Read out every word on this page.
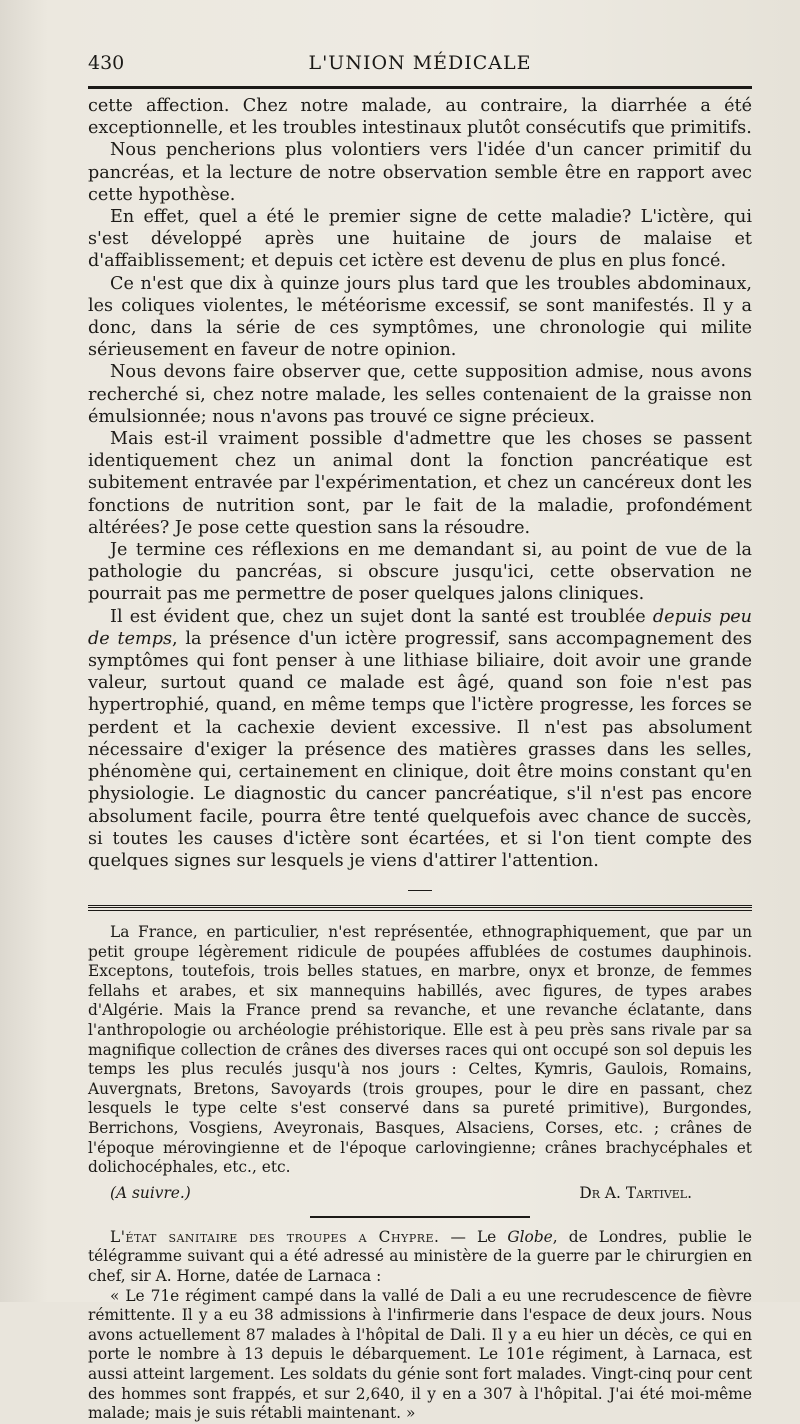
430	L'UNION MÉDICALE

cette affection. Chez notre malade, au contraire, la diarrhée a été exceptionnelle, et les troubles intestinaux plutôt consécutifs que primitifs.

Nous pencherions plus volontiers vers l'idée d'un cancer primitif du pancréas, et la lecture de notre observation semble être en rapport avec cette hypothèse.

En effet, quel a été le premier signe de cette maladie? L'ictère, qui s'est développé après une huitaine de jours de malaise et d'affaiblissement; et depuis cet ictère est devenu de plus en plus foncé.

Ce n'est que dix à quinze jours plus tard que les troubles abdominaux, les coliques violentes, le météorisme excessif, se sont manifestés. Il y a donc, dans la série de ces symptômes, une chronologie qui milite sérieusement en faveur de notre opinion.

Nous devons faire observer que, cette supposition admise, nous avons recherché si, chez notre malade, les selles contenaient de la graisse non émulsionnée; nous n'avons pas trouvé ce signe précieux.

Mais est-il vraiment possible d'admettre que les choses se passent identiquement chez un animal dont la fonction pancréatique est subitement entravée par l'expérimentation, et chez un cancéreux dont les fonctions de nutrition sont, par le fait de la maladie, profondément altérées? Je pose cette question sans la résoudre.

Je termine ces réflexions en me demandant si, au point de vue de la pathologie du pancréas, si obscure jusqu'ici, cette observation ne pourrait pas me permettre de poser quelques jalons cliniques.

Il est évident que, chez un sujet dont la santé est troublée depuis peu de temps, la présence d'un ictère progressif, sans accompagnement des symptômes qui font penser à une lithiase biliaire, doit avoir une grande valeur, surtout quand ce malade est âgé, quand son foie n'est pas hypertrophié, quand, en même temps que l'ictère progresse, les forces se perdent et la cachexie devient excessive. Il n'est pas absolument nécessaire d'exiger la présence des matières grasses dans les selles, phénomène qui, certainement en clinique, doit être moins constant qu'en physiologie. Le diagnostic du cancer pancréatique, s'il n'est pas encore absolument facile, pourra être tenté quelquefois avec chance de succès, si toutes les causes d'ictère sont écartées, et si l'on tient compte des quelques signes sur lesquels je viens d'attirer l'attention.

La France, en particulier, n'est représentée, ethnographiquement, que par un petit groupe légèrement ridicule de poupées affublées de costumes dauphinois. Exceptons, toutefois, trois belles statues, en marbre, onyx et bronze, de femmes fellahs et arabes, et six mannequins habillés, avec figures, de types arabes d'Algérie. Mais la France prend sa revanche, et une revanche éclatante, dans l'anthropologie ou archéologie préhistorique. Elle est à peu près sans rivale par sa magnifique collection de crânes des diverses races qui ont occupé son sol depuis les temps les plus reculés jusqu'à nos jours : Celtes, Kymris, Gaulois, Romains, Auvergnats, Bretons, Savoyards (trois groupes, pour le dire en passant, chez lesquels le type celte s'est conservé dans sa pureté primitive), Burgondes, Berrichons, Vosgiens, Aveyronais, Basques, Alsaciens, Corses, etc. ; crânes de l'époque mérovingienne et de l'époque carlovingienne; crânes brachycéphales et dolichocéphales, etc., etc.

(A suivre.)	Dr A. Tartivel.

L'état sanitaire des troupes a Chypre. — Le Globe, de Londres, publie le télégramme suivant qui a été adressé au ministère de la guerre par le chirurgien en chef, sir A. Horne, datée de Larnaca :

« Le 71e régiment campé dans la vallé de Dali a eu une recrudescence de fièvre rémittente. Il y a eu 38 admissions à l'infirmerie dans l'espace de deux jours. Nous avons actuellement 87 malades à l'hôpital de Dali. Il y a eu hier un décès, ce qui en porte le nombre à 13 depuis le débarquement. Le 101e régiment, à Larnaca, est aussi atteint largement. Les soldats du génie sont fort malades. Vingt-cinq pour cent des hommes sont frappés, et sur 2,640, il y en a 307 à l'hôpital. J'ai été moi-même malade; mais je suis rétabli maintenant. »
